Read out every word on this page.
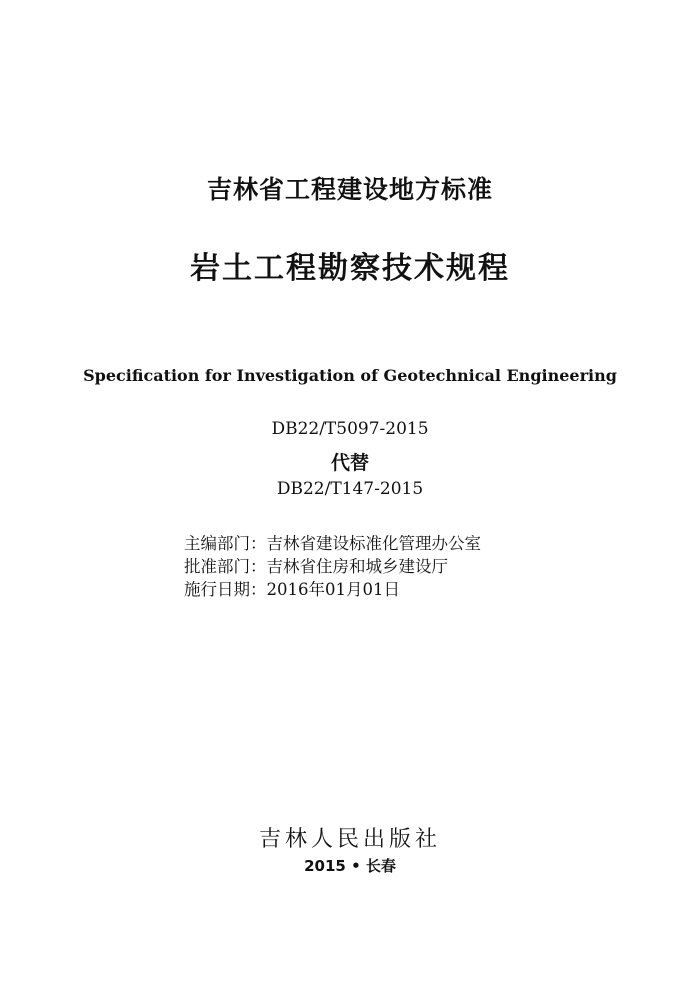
吉林省工程建设地方标准
岩土工程勘察技术规程
Specification for Investigation of Geotechnical Engineering
DB22/T5097-2015
代替
DB22/T147-2015
主编部门：吉林省建设标准化管理办公室
批准部门：吉林省住房和城乡建设厅
施行日期：2016年01月01日
吉林人民出版社
2015 • 长春
